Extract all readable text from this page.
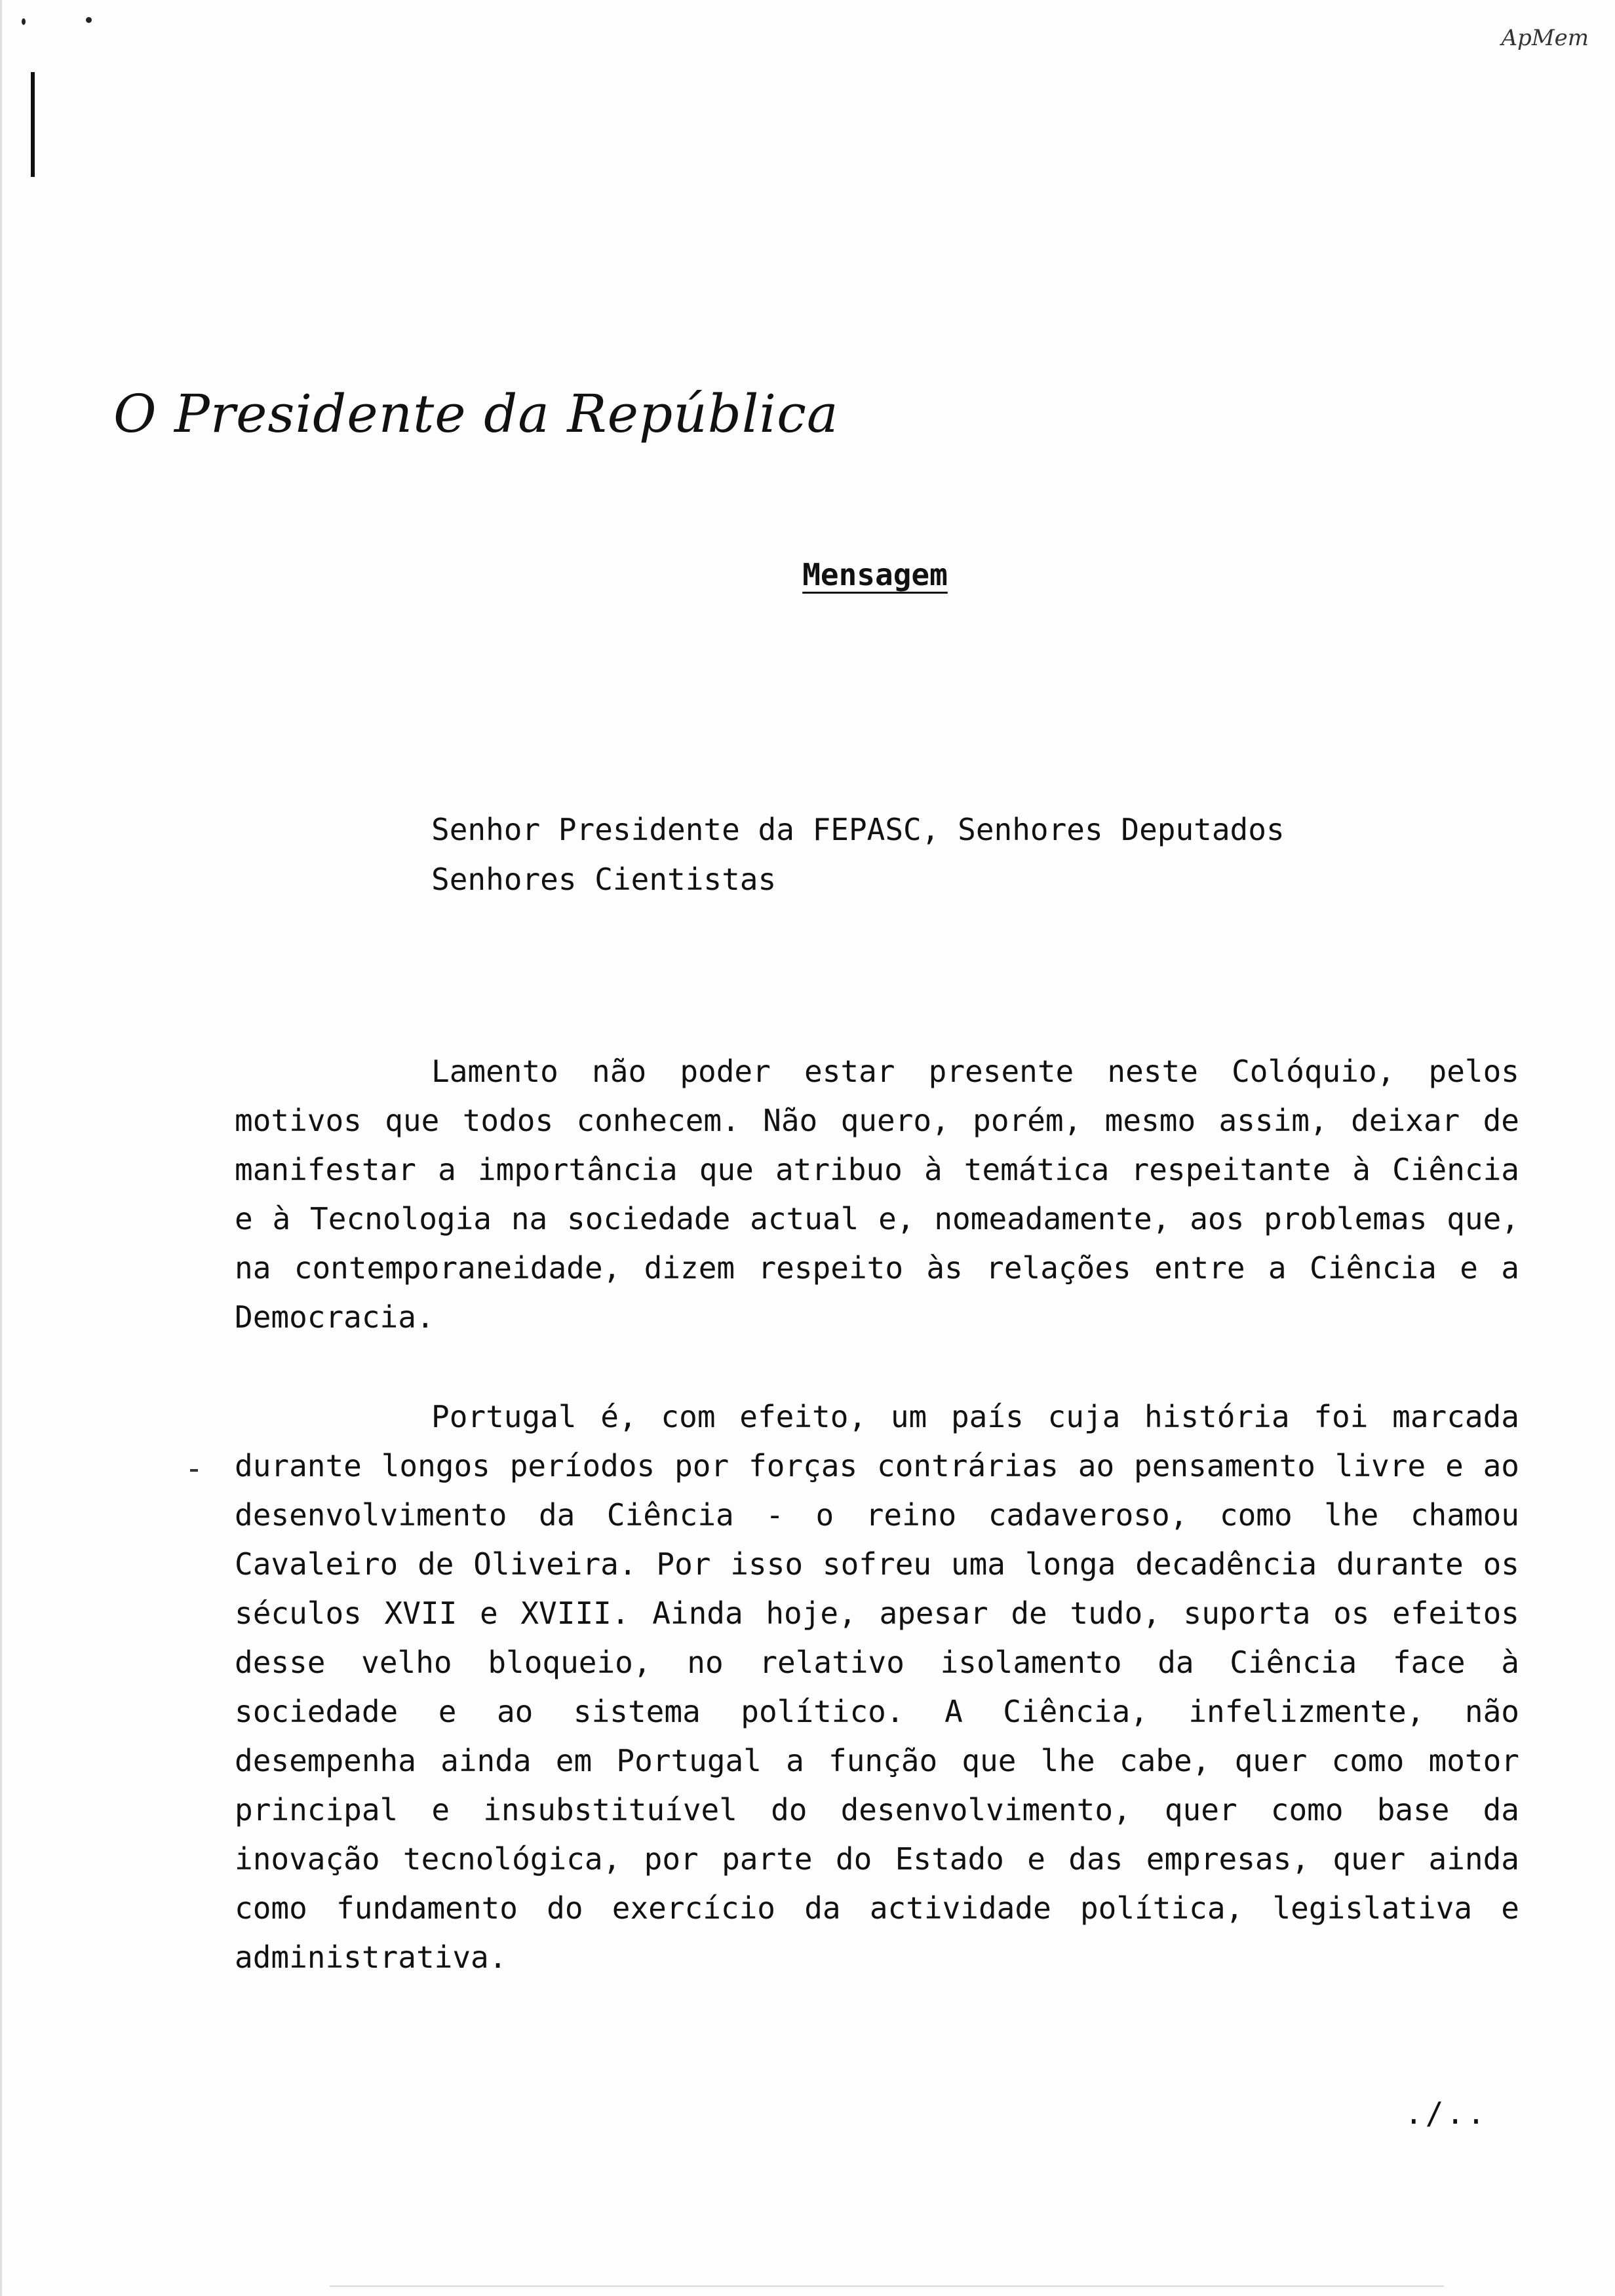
ApMem
O Presidente da República
Mensagem
Senhor Presidente da FEPASC, Senhores Deputados
Senhores Cientistas

Lamento não poder estar presente neste Colóquio, pelos motivos que todos conhecem. Não quero, porém, mesmo assim, deixar de manifestar a importância que atribuo à temática respeitante à Ciência e à Tecnologia na sociedade actual e, nomeadamente, aos problemas que, na contemporaneidade, dizem respeito às relações entre a Ciência e a Democracia.

Portugal é, com efeito, um país cuja história foi marcada durante longos períodos por forças contrárias ao pensamento livre e ao desenvolvimento da Ciência - o reino cadaveroso, como lhe chamou Cavaleiro de Oliveira. Por isso sofreu uma longa decadência durante os séculos XVII e XVIII. Ainda hoje, apesar de tudo, suporta os efeitos desse velho bloqueio, no relativo isolamento da Ciência face à sociedade e ao sistema político. A Ciência, infelizmente, não desempenha ainda em Portugal a função que lhe cabe, quer como motor principal e insubstituível do desenvolvimento, quer como base da inovação tecnológica, por parte do Estado e das empresas, quer ainda como fundamento do exercício da actividade política, legislativa e administrativa.

./..
